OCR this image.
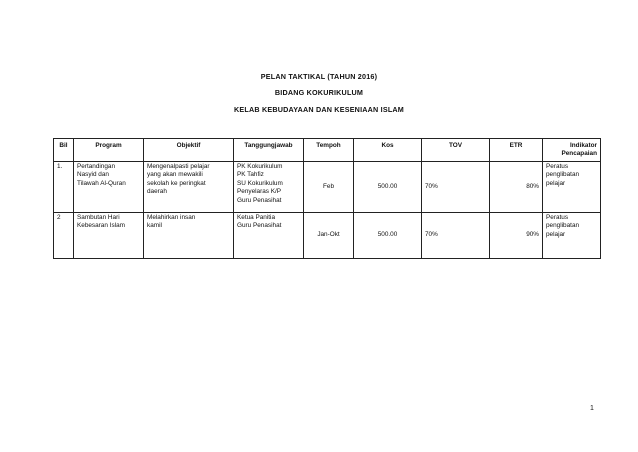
PELAN TAKTIKAL (TAHUN 2016)
BIDANG KOKURIKULUM
KELAB KEBUDAYAAN DAN KESENIAAN ISLAM
Bil	Program	Objektif	Tanggungjawab	Tempoh	Kos	TOV	ETR	Indikator Pencapaian
1.	Pertandingan
Nasyid dan
Tilawah Al-Quran	Mengenalpasti pelajar
yang akan mewakili
sekolah ke peringkat
daerah	PK Kokurikulum
PK Tahfiz
SU Kokurikulum
Penyelaras K/P
Guru Penasihat	Feb	500.00	70%	80%	Peratus
penglibatan
pelajar

2	Sambutan Hari
Kebesaran Islam	Melahirkan insan
kamil	Ketua Panitia
Guru Penasihat	Jan-Okt	500.00	70%	90%	Peratus
penglibatan
pelajar
1
